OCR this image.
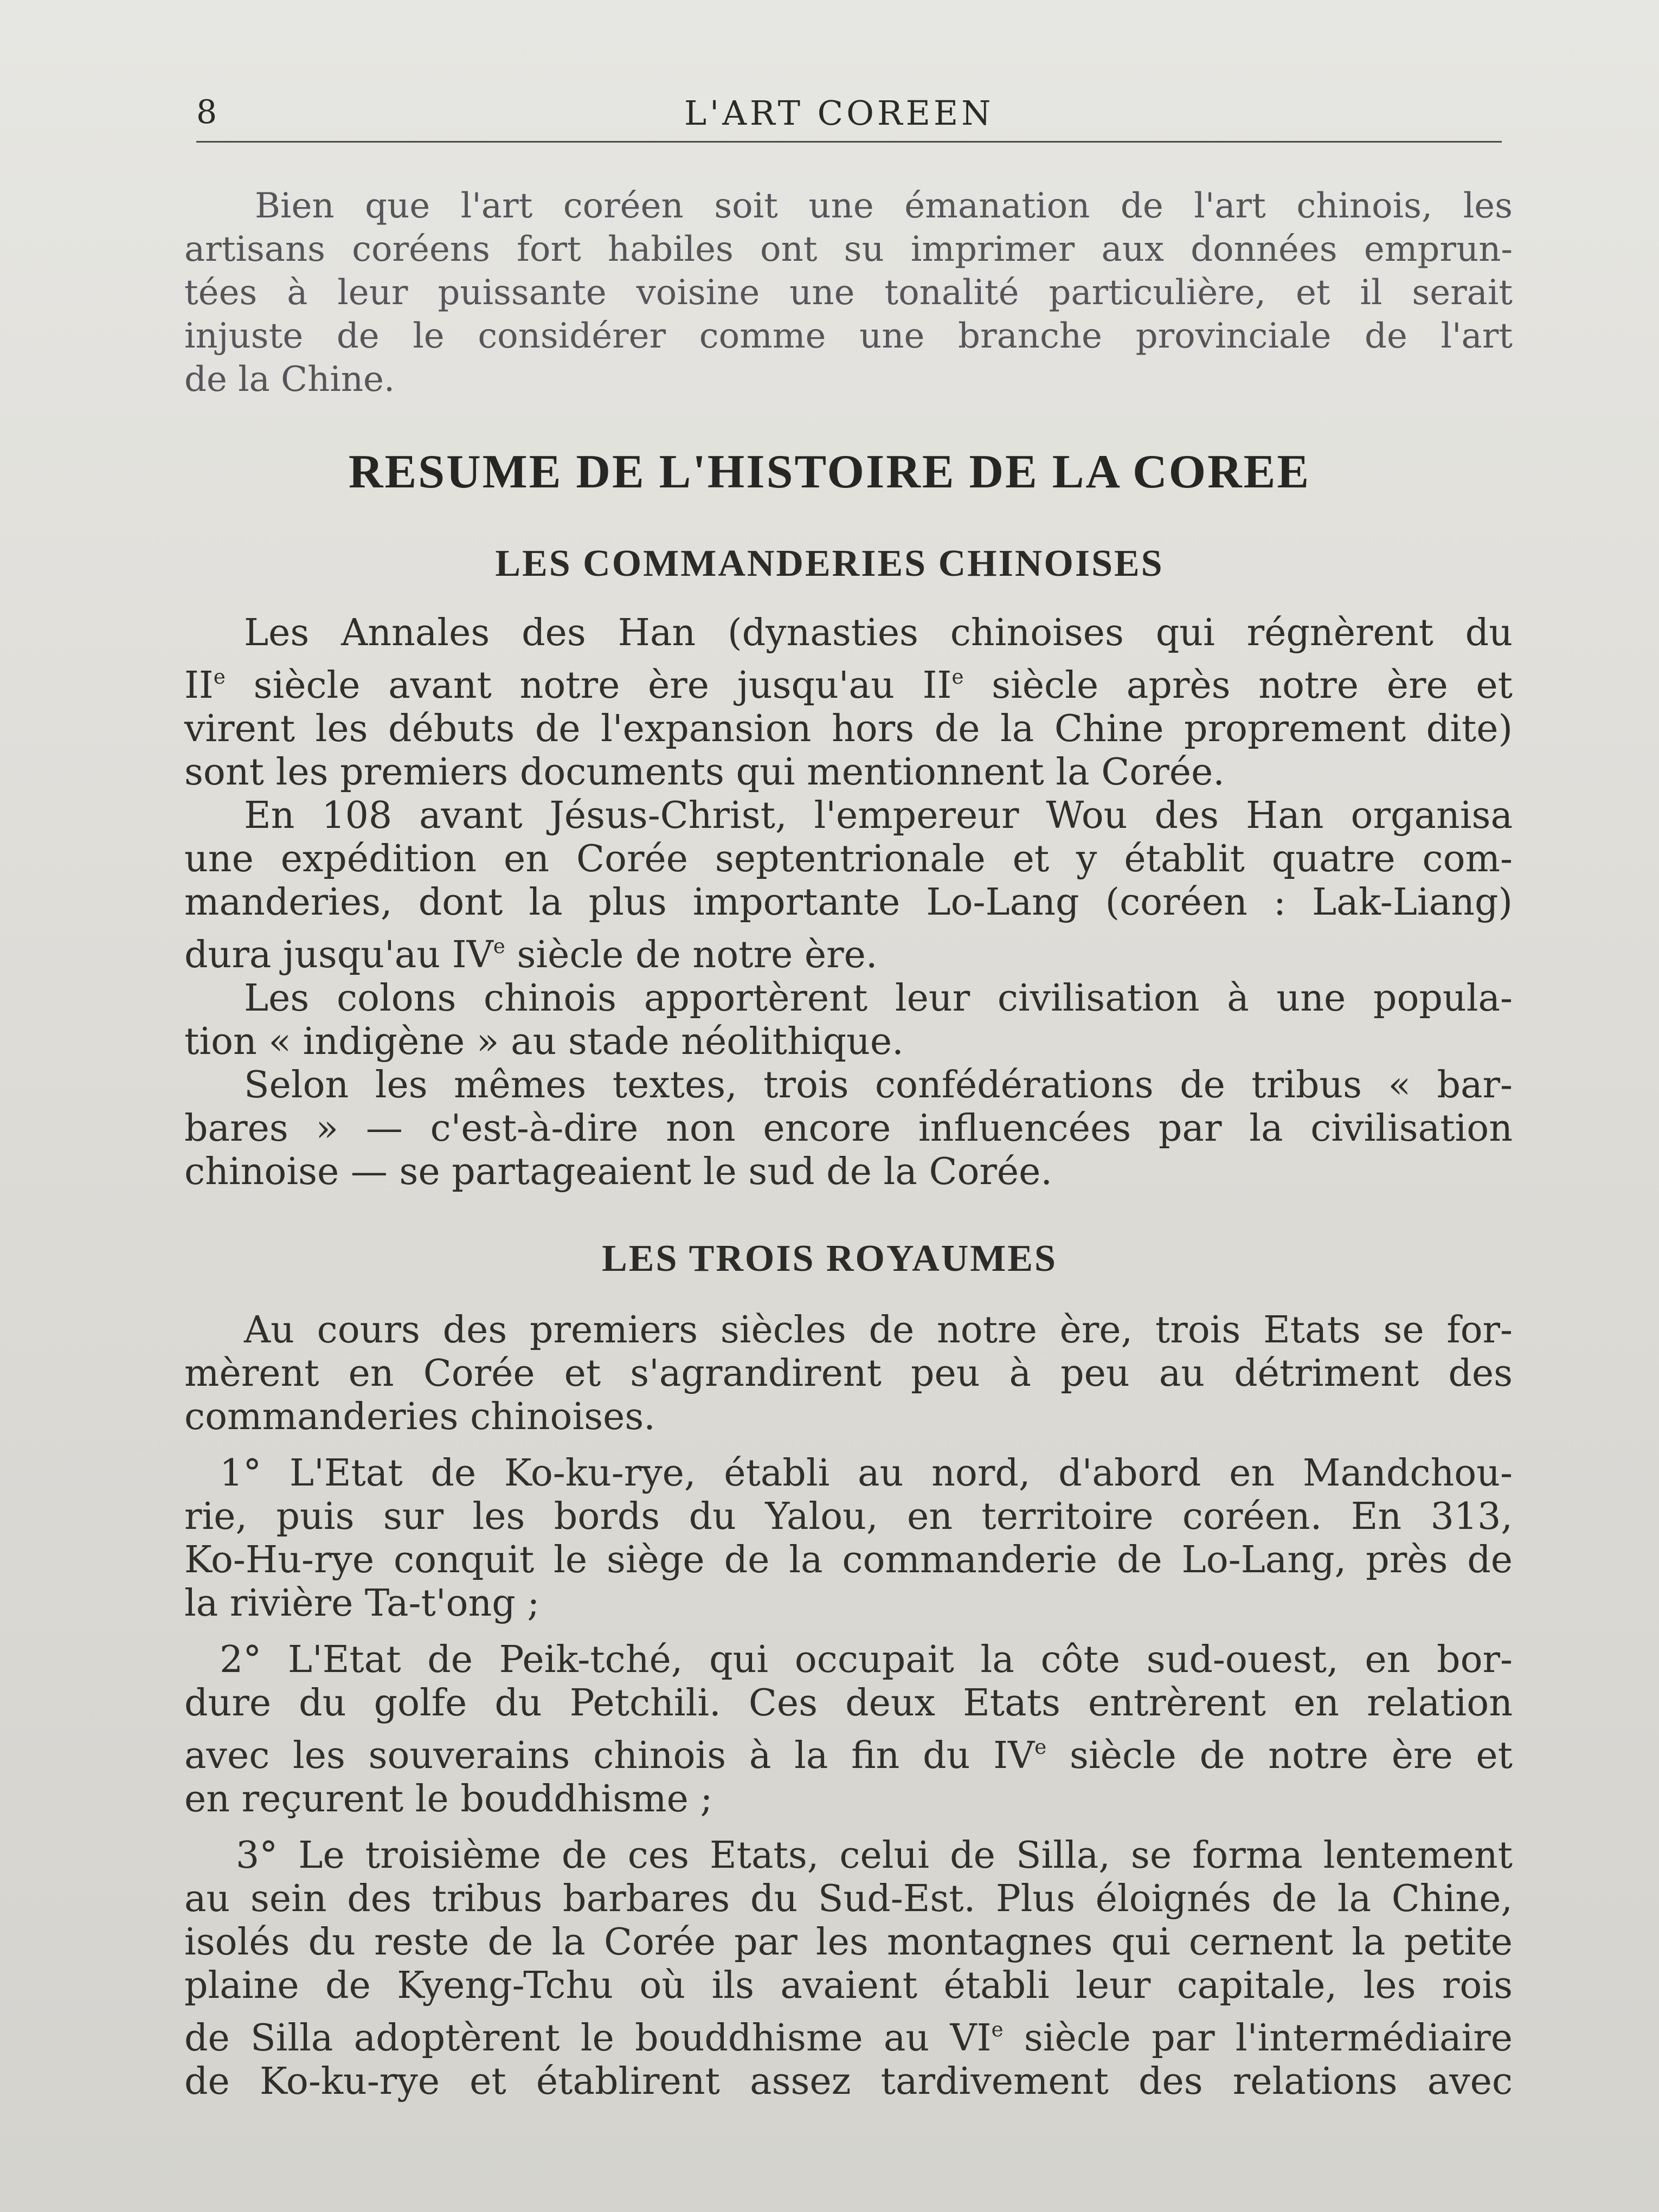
8	L'ART COREEN
Bien que l'art coréen soit une émanation de l'art chinois, les
artisans coréens fort habiles ont su imprimer aux données emprun-
tées à leur puissante voisine une tonalité particulière, et il serait
injuste de le considérer comme une branche provinciale de l'art
de la Chine.
RESUME DE L'HISTOIRE DE LA COREE
LES COMMANDERIES CHINOISES
Les Annales des Han (dynasties chinoises qui régnèrent du
IIe siècle avant notre ère jusqu'au IIe siècle après notre ère et
virent les débuts de l'expansion hors de la Chine proprement dite)
sont les premiers documents qui mentionnent la Corée.
En 108 avant Jésus-Christ, l'empereur Wou des Han organisa
une expédition en Corée septentrionale et y établit quatre com-
manderies, dont la plus importante Lo-Lang (coréen : Lak-Liang)
dura jusqu'au IVe siècle de notre ère.
Les colons chinois apportèrent leur civilisation à une popula-
tion « indigène » au stade néolithique.
Selon les mêmes textes, trois confédérations de tribus « bar-
bares » — c'est-à-dire non encore influencées par la civilisation
chinoise — se partageaient le sud de la Corée.
LES TROIS ROYAUMES
Au cours des premiers siècles de notre ère, trois Etats se for-
mèrent en Corée et s'agrandirent peu à peu au détriment des
commanderies chinoises.
1° L'Etat de Ko-ku-rye, établi au nord, d'abord en Mandchou-
rie, puis sur les bords du Yalou, en territoire coréen. En 313,
Ko-Hu-rye conquit le siège de la commanderie de Lo-Lang, près de
la rivière Ta-t'ong ;
2° L'Etat de Peik-tché, qui occupait la côte sud-ouest, en bor-
dure du golfe du Petchili. Ces deux Etats entrèrent en relation
avec les souverains chinois à la fin du IVe siècle de notre ère et
en reçurent le bouddhisme ;
3° Le troisième de ces Etats, celui de Silla, se forma lentement
au sein des tribus barbares du Sud-Est. Plus éloignés de la Chine,
isolés du reste de la Corée par les montagnes qui cernent la petite
plaine de Kyeng-Tchu où ils avaient établi leur capitale, les rois
de Silla adoptèrent le bouddhisme au VIe siècle par l'intermédiaire
de Ko-ku-rye et établirent assez tardivement des relations avec
